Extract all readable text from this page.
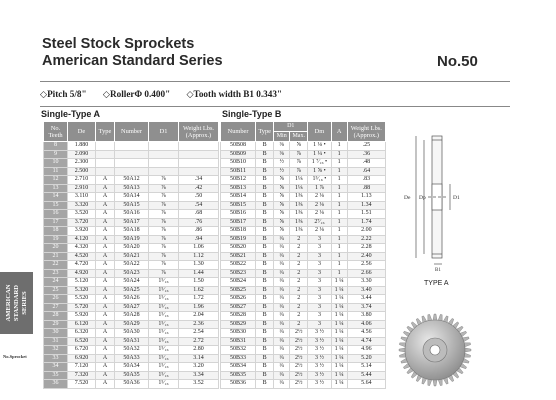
Steel Stock Sprockets
American Standard Series	No.50
◇Pitch 5/8" ◇RollerΦ 0.400" ◇Tooth width B1 0.343"
Single-Type A	Single-Type B
AMERICAN STANDARD SERIES
No.Sprocket
No. Teeth	De	Type	Number	D1	Weight Lbs. (Approx.)
8	1.880				
9	2.090				
10	2.300				
11	2.500				
12	2.710	A	50A12	⅞	.34
13	2.910	A	50A13	⅞	.42
14	3.110	A	50A14	⅞	.50
15	3.320	A	50A15	⅞	.54
16	3.520	A	50A16	⅞	.68
17	3.720	A	50A17	⅞	.76
18	3.920	A	50A18	⅞	.86
19	4.120	A	50A19	⅞	.94
20	4.320	A	50A20	⅞	1.06
21	4.520	A	50A21	⅞	1.12
22	4.720	A	50A22	⅞	1.30
23	4.920	A	50A23	⅞	1.44
24	5.120	A	50A24	1⁵⁄₁₆	1.50
25	5.320	A	50A25	1⁵⁄₁₆	1.62
26	5.520	A	50A26	1⁵⁄₁₆	1.72
27	5.720	A	50A27	1⁵⁄₁₆	1.96
28	5.920	A	50A28	1⁵⁄₁₆	2.04
29	6.120	A	50A29	1⁵⁄₁₆	2.36
30	6.320	A	50A30	1⁵⁄₁₆	2.54
31	6.520	A	50A31	1⁵⁄₁₆	2.72
32	6.720	A	50A32	1⁵⁄₁₆	2.80
33	6.920	A	50A33	1⁵⁄₁₆	3.14
34	7.120	A	50A34	1⁵⁄₁₆	3.20
35	7.320	A	50A35	1⁵⁄₁₆	3.34
36	7.520	A	50A36	1⁵⁄₁₆	3.52
Number	Type	D1		Dm	A	Weight Lbs. (Approx.)
		Min	Max.			
50B08	B	⅜	⅝	1 ⅛ •	1	.25
50B09	B	⅜	⅞	1 ¼ •	1	.36
50B10	B	½	⅞	1 ⁷⁄₁₆ •	1	.48
50B11	B	½	⅞	1 ⅝ •	1	.64
50B12	B	⅝	1⅛	1⁵⁄₁₆ •	1	.83
50B13	B	⅝	1⅛	1 ⅞	1	.88
50B14	B	⅝	1⅜	2 ⅛	1	1.13
50B15	B	⅝	1⅜	2 ⅛	1	1.34
50B16	B	⅝	1⅜	2 ⅛	1	1.51
50B17	B	⅝	1⅜	2⁷⁄₁₆	1	1.74
50B18	B	⅝	1⅜	2 ⅛	1	2.00
50B19	B	¾	2	3	1	2.22
50B20	B	¾	2	3	1	2.28
50B21	B	¾	2	3	1	2.40
50B22	B	¾	2	3	1	2.56
50B23	B	¾	2	3	1	2.66
50B24	B	¾	2	3	1 ¼	3.30
50B25	B	¾	2	3	1 ¼	3.40
50B26	B	¾	2	3	1 ¼	3.44
50B27	B	¾	2	3	1 ¼	3.74
50B28	B	¾	2	3	1 ¼	3.80
50B29	B	¾	2	3	1 ¼	4.06
50B30	B	¾	2½	3 ½	1 ¼	4.56
50B31	B	¾	2½	3 ½	1 ¼	4.74
50B32	B	¾	2½	3 ½	1 ¼	4.96
50B33	B	¾	2½	3 ½	1 ¼	5.20
50B34	B	¾	2½	3 ½	1 ¼	5.14
50B35	B	¾	2½	3 ½	1 ¼	5.44
50B36	B	¾	2½	3 ½	1 ¼	5.64
De Dp	D1
B1
TYPE A
